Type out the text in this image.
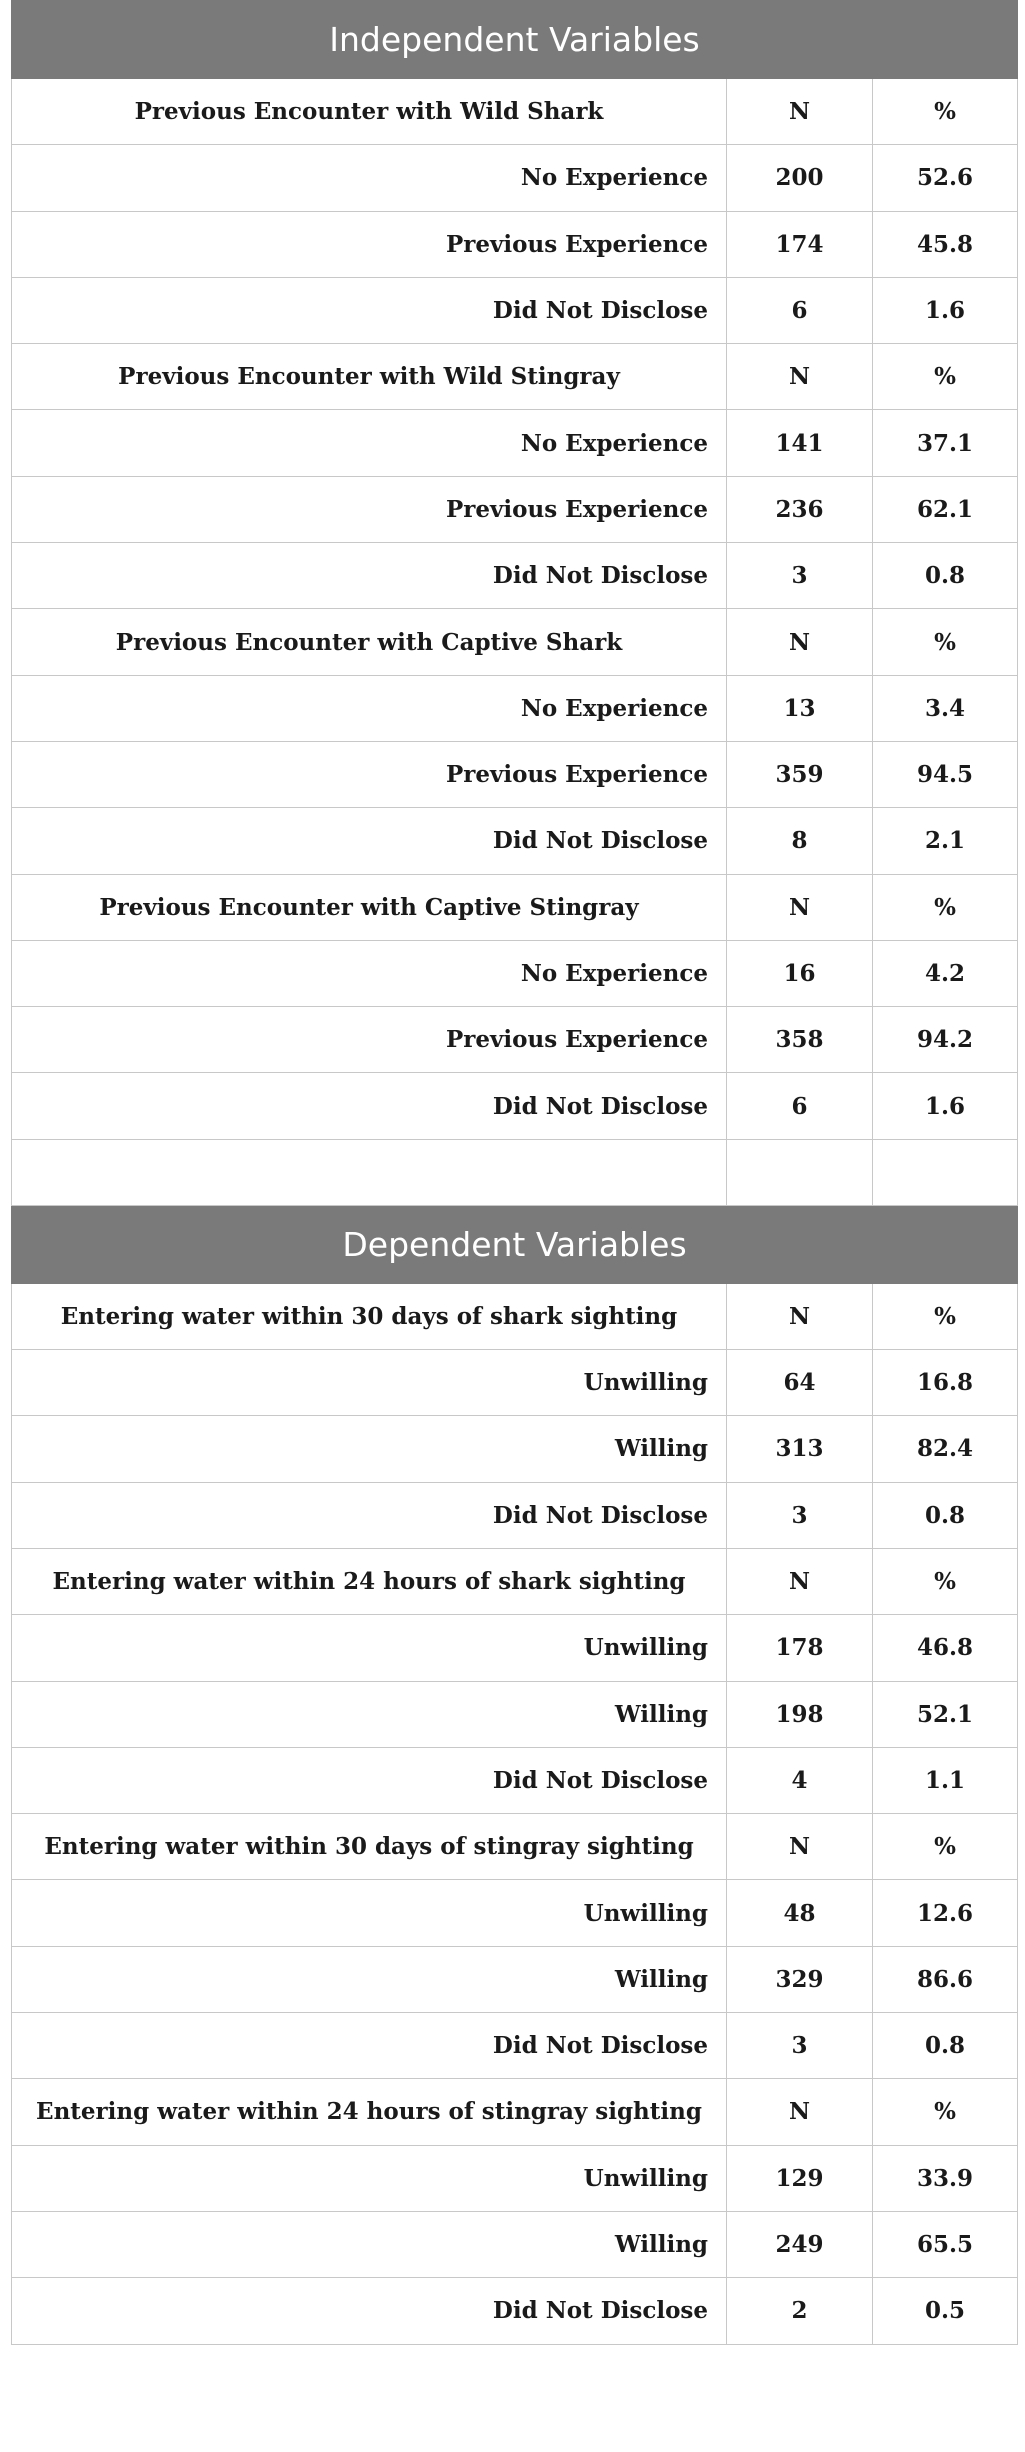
Independent Variables		
Previous Encounter with Wild Shark	N	%
No Experience	200	52.6
Previous Experience	174	45.8
Did Not Disclose	6	1.6
Previous Encounter with Wild Stingray	N	%
No Experience	141	37.1
Previous Experience	236	62.1
Did Not Disclose	3	0.8
Previous Encounter with Captive Shark	N	%
No Experience	13	3.4
Previous Experience	359	94.5
Did Not Disclose	8	2.1
Previous Encounter with Captive Stingray	N	%
No Experience	16	4.2
Previous Experience	358	94.2
Did Not Disclose	6	1.6

Dependent Variables		
Entering water within 30 days of shark sighting	N	%
Unwilling	64	16.8
Willing	313	82.4
Did Not Disclose	3	0.8
Entering water within 24 hours of shark sighting	N	%
Unwilling	178	46.8
Willing	198	52.1
Did Not Disclose	4	1.1
Entering water within 30 days of stingray sighting	N	%
Unwilling	48	12.6
Willing	329	86.6
Did Not Disclose	3	0.8
Entering water within 24 hours of stingray sighting	N	%
Unwilling	129	33.9
Willing	249	65.5
Did Not Disclose	2	0.5
